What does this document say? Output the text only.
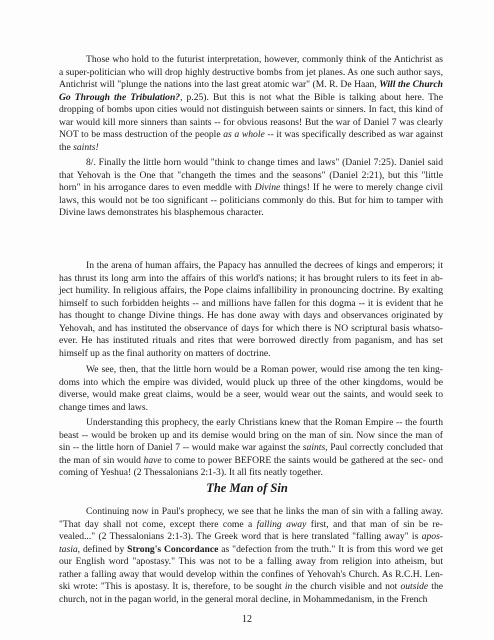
Those who hold to the futurist interpretation, however, commonly think of the Antichrist as a super-politician who will drop highly destructive bombs from jet planes. As one such author says, Antichrist will "plunge the nations into the last great atomic war" (M. R. De Haan, Will the Church Go Through the Tribulation?, p.25). But this is not what the Bible is talking about here. The dropping of bombs upon cities would not distinguish between saints or sinners. In fact, this kind of war would kill more sinners than saints -- for obvious reasons! But the war of Daniel 7 was clearly NOT to be mass destruction of the people as a whole -- it was specifically described as war against the saints!

8/. Finally the little horn would "think to change times and laws" (Daniel 7:25). Daniel said that Yehovah is the One that "changeth the times and the seasons" (Daniel 2:21), but this "little horn" in his arrogance dares to even meddle with Divine things! If he were to merely change civil laws, this would not be too significant -- politicians commonly do this. But for him to tamper with Divine laws demonstrates his blasphemous character.

In the arena of human affairs, the Papacy has annulled the decrees of kings and emperors; it has thrust its long arm into the affairs of this world's nations; it has brought rulers to its feet in ab- ject humility. In religious affairs, the Pope claims infallibility in pronouncing doctrine. By exalting himself to such forbidden heights -- and millions have fallen for this dogma -- it is evident that he has thought to change Divine things. He has done away with days and observances originated by Yehovah, and has instituted the observance of days for which there is NO scriptural basis whatso- ever. He has instituted rituals and rites that were borrowed directly from paganism, and has set himself up as the final authority on matters of doctrine.

We see, then, that the little horn would be a Roman power, would rise among the ten king- doms into which the empire was divided, would pluck up three of the other kingdoms, would be diverse, would make great claims, would be a seer, would wear out the saints, and would seek to change times and laws.

Understanding this prophecy, the early Christians knew that the Roman Empire -- the fourth beast -- would be broken up and its demise would bring on the man of sin. Now since the man of sin -- the little horn of Daniel 7 -- would make war against the saints, Paul correctly concluded that the man of sin would have to come to power BEFORE the saints would be gathered at the sec- ond coming of Yeshua! (2 Thessalonians 2:1-3). It all fits neatly together.

The Man of Sin

Continuing now in Paul's prophecy, we see that he links the man of sin with a falling away. "That day shall not come, except there come a falling away first, and that man of sin be re- vealed..." (2 Thessalonians 2:1-3). The Greek word that is here translated "falling away" is apos- tasia, defined by Strong's Concordance as "defection from the truth." It is from this word we get our English word "apostasy." This was not to be a falling away from religion into atheism, but rather a falling away that would develop within the confines of Yehovah's Church. As R.C.H. Len- ski wrote: "This is apostasy. It is, therefore, to be sought in the church visible and not outside the church, not in the pagan world, in the general moral decline, in Mohammedanism, in the French

12
